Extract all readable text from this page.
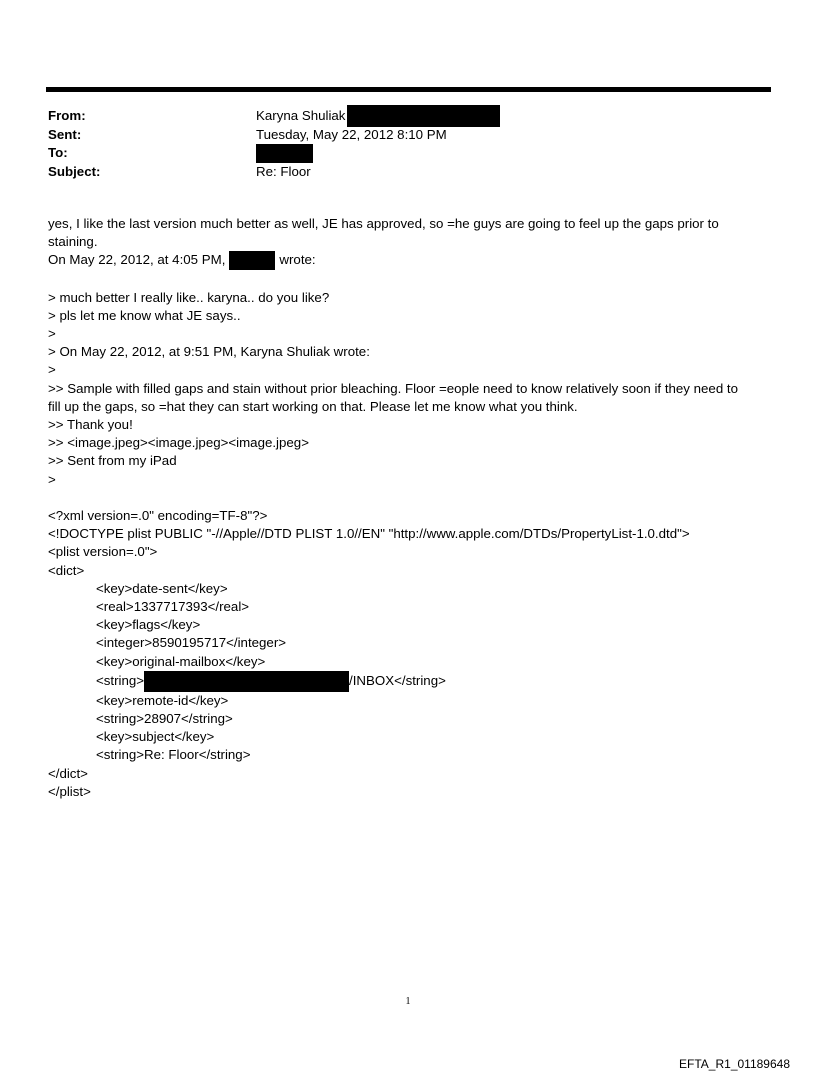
From:	Karyna Shuliak
Sent:	Tuesday, May 22, 2012 8:10 PM
To:
Subject:	Re: Floor
yes, I like the last version much better as well, JE has approved, so =he guys are going to feel up the gaps prior to
staining.
On May 22, 2012, at 4:05 PM,	wrote:
> much better I really like.. karyna.. do you like?
> pls let me know what JE says..
>
> On May 22, 2012, at 9:51 PM, Karyna Shuliak wrote:
>
>> Sample with filled gaps and stain without prior bleaching. Floor =eople need to know relatively soon if they need to
fill up the gaps, so =hat they can start working on that. Please let me know what you think.
>> Thank you!
>> <image.jpeg><image.jpeg><image.jpeg>
>> Sent from my iPad
>
<?xml version=.0" encoding=TF-8"?>
<!DOCTYPE plist PUBLIC "-//Apple//DTD PLIST 1.0//EN" "http://www.apple.com/DTDs/PropertyList-1.0.dtd">
<plist version=.0">
<dict>
<key>date-sent</key>
<real>1337717393</real>
<key>flags</key>
<integer>8590195717</integer>
<key>original-mailbox</key>
<string>	/INBOX</string>
<key>remote-id</key>
<string>28907</string>
<key>subject</key>
<string>Re: Floor</string>
</dict>
</plist>
1
EFTA_R1_01189648
